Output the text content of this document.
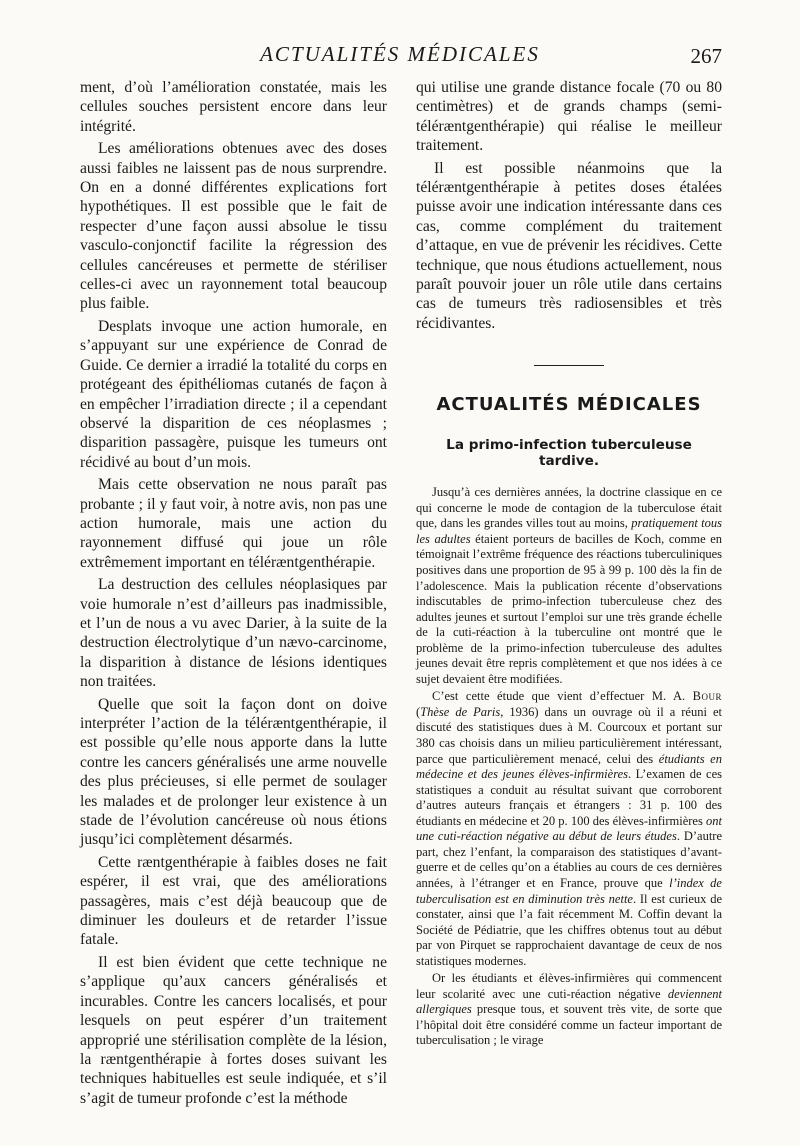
ACTUALITÉS MÉDICALES	267

ment, d’où l’amélioration constatée, mais les cellules souches persistent encore dans leur intégrité.

Les améliorations obtenues avec des doses aussi faibles ne laissent pas de nous surprendre. On en a donné différentes explications fort hypothétiques. Il est possible que le fait de respecter d’une façon aussi absolue le tissu vasculo-conjonctif facilite la régression des cellules cancéreuses et permette de stériliser celles-ci avec un rayonnement total beaucoup plus faible.

Desplats invoque une action humorale, en s’appuyant sur une expérience de Conrad de Guide. Ce dernier a irradié la totalité du corps en protégeant des épithéliomas cutanés de façon à en empêcher l’irradiation directe ; il a cependant observé la disparition de ces néoplasmes ; disparition passagère, puisque les tumeurs ont récidivé au bout d’un mois.

Mais cette observation ne nous paraît pas probante ; il y faut voir, à notre avis, non pas une action humorale, mais une action du rayonnement diffusé qui joue un rôle extrêmement important en téléræntgenthérapie.

La destruction des cellules néoplasiques par voie humorale n’est d’ailleurs pas inadmissible, et l’un de nous a vu avec Darier, à la suite de la destruction électrolytique d’un nævo-carcinome, la disparition à distance de lésions identiques non traitées.

Quelle que soit la façon dont on doive interpréter l’action de la téléræntgenthérapie, il est possible qu’elle nous apporte dans la lutte contre les cancers généralisés une arme nouvelle des plus précieuses, si elle permet de soulager les malades et de prolonger leur existence à un stade de l’évolution cancéreuse où nous étions jusqu’ici complètement désarmés.

Cette ræntgenthérapie à faibles doses ne fait espérer, il est vrai, que des améliorations passagères, mais c’est déjà beaucoup que de diminuer les douleurs et de retarder l’issue fatale.

Il est bien évident que cette technique ne s’applique qu’aux cancers généralisés et incurables. Contre les cancers localisés, et pour lesquels on peut espérer d’un traitement approprié une stérilisation complète de la lésion, la ræntgenthérapie à fortes doses suivant les techniques habituelles est seule indiquée, et s’il s’agit de tumeur profonde c’est la méthode

qui utilise une grande distance focale (70 ou 80 centimètres) et de grands champs (semi-téléræntgenthérapie) qui réalise le meilleur traitement.

Il est possible néanmoins que la téléræntgenthérapie à petites doses étalées puisse avoir une indication intéressante dans ces cas, comme complément du traitement d’attaque, en vue de prévenir les récidives. Cette technique, que nous étudions actuellement, nous paraît pouvoir jouer un rôle utile dans certains cas de tumeurs très radiosensibles et très récidivantes.

ACTUALITÉS MÉDICALES
La primo-infection tuberculeuse tardive.

Jusqu’à ces dernières années, la doctrine classique en ce qui concerne le mode de contagion de la tuberculose était que, dans les grandes villes tout au moins, pratiquement tous les adultes étaient porteurs de bacilles de Koch, comme en témoignait l’extrême fréquence des réactions tuberculiniques positives dans une proportion de 95 à 99 p. 100 dès la fin de l’adolescence. Mais la publication récente d’observations indiscutables de primo-infection tuberculeuse chez des adultes jeunes et surtout l’emploi sur une très grande échelle de la cuti-réaction à la tuberculine ont montré que le problème de la primo-infection tuberculeuse des adultes jeunes devait être repris complètement et que nos idées à ce sujet devaient être modifiées.

C’est cette étude que vient d’effectuer M. A. Bour (Thèse de Paris, 1936) dans un ouvrage où il a réuni et discuté des statistiques dues à M. Courcoux et portant sur 380 cas choisis dans un milieu particulièrement intéressant, parce que particulièrement menacé, celui des étudiants en médecine et des jeunes élèves-infirmières. L’examen de ces statistiques a conduit au résultat suivant que corroborent d’autres auteurs français et étrangers : 31 p. 100 des étudiants en médecine et 20 p. 100 des élèves-infirmières ont une cuti-réaction négative au début de leurs études. D’autre part, chez l’enfant, la comparaison des statistiques d’avant-guerre et de celles qu’on a établies au cours de ces dernières années, à l’étranger et en France, prouve que l’index de tuberculisation est en diminution très nette. Il est curieux de constater, ainsi que l’a fait récemment M. Coffin devant la Société de Pédiatrie, que les chiffres obtenus tout au début par von Pirquet se rapprochaient davantage de ceux de nos statistiques modernes.

Or les étudiants et élèves-infirmières qui commencent leur scolarité avec une cuti-réaction négative deviennent allergiques presque tous, et souvent très vite, de sorte que l’hôpital doit être considéré comme un facteur important de tuberculisation ; le virage
